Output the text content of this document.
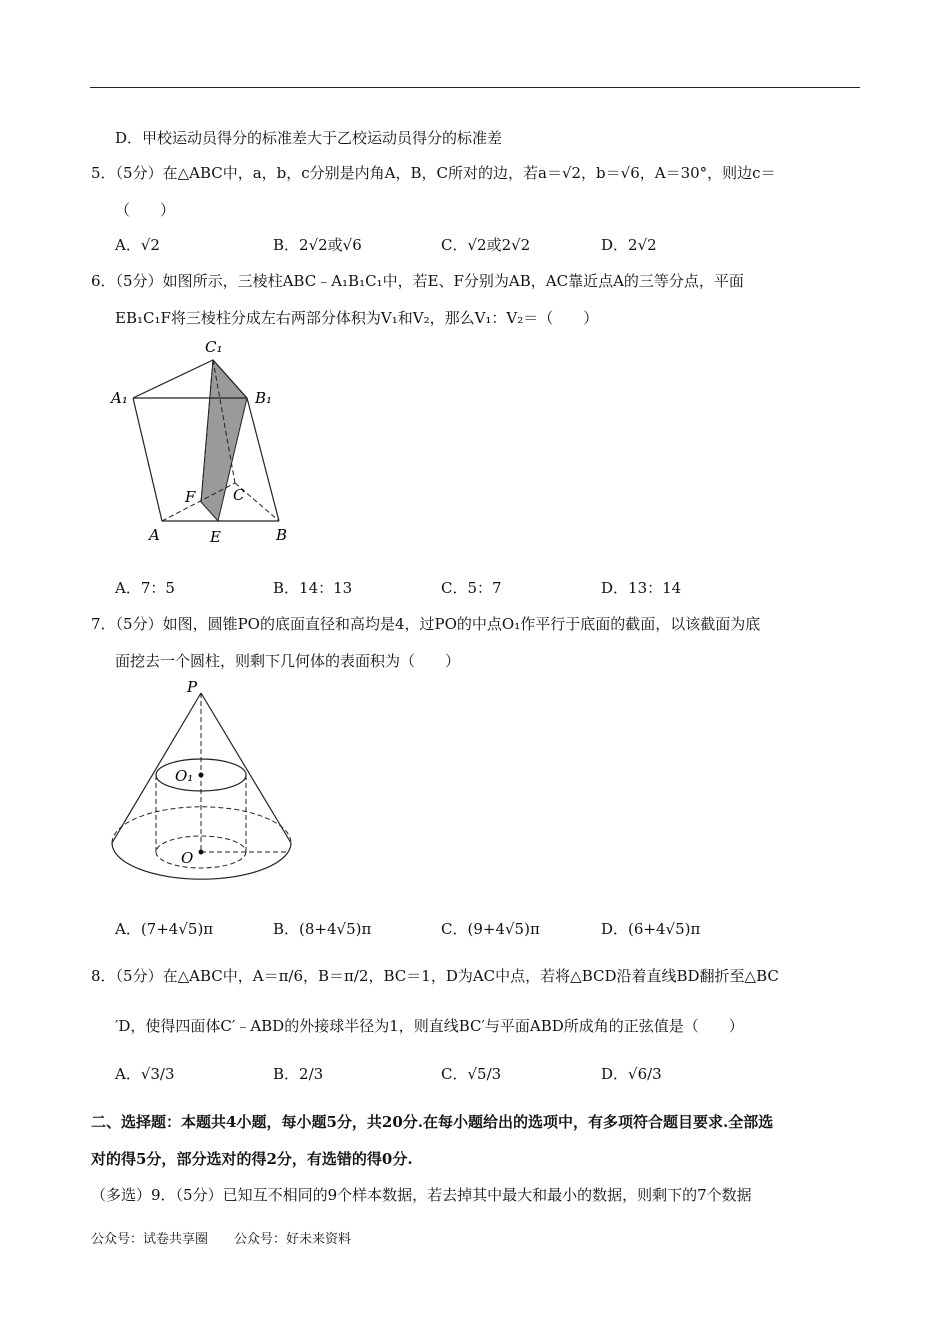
D．甲校运动员得分的标准差大于乙校运动员得分的标准差
5．（5分）在△ABC中，a，b，c分别是内角A，B，C所对的边，若a＝√2，b＝√6，A＝30°，则边c＝
（　　）
A．√2	B．2√2或√6	C．√2或2√2	D．2√2
6．（5分）如图所示，三棱柱ABC﹣A₁B₁C₁中，若E、F分别为AB，AC靠近点A的三等分点，平面
EB₁C₁F将三棱柱分成左右两部分体积为V₁和V₂，那么V₁：V₂＝（　　）
C₁
A₁	B₁
F	C
A	E	B
A．7：5	B．14：13	C．5：7	D．13：14
7．（5分）如图，圆锥PO的底面直径和高均是4，过PO的中点O₁作平行于底面的截面，以该截面为底
面挖去一个圆柱，则剩下几何体的表面积为（　　）
P
O₁
O
A．(7+4√5)π	B．(8+4√5)π	C．(9+4√5)π	D．(6+4√5)π
8．（5分）在△ABC中，A＝π/6，B＝π/2，BC＝1，D为AC中点，若将△BCD沿着直线BD翻折至△BC
′D，使得四面体C′﹣ABD的外接球半径为1，则直线BC′与平面ABD所成角的正弦值是（　　）
A．√3/3	B．2/3	C．√5/3	D．√6/3
二、选择题：本题共4小题，每小题5分，共20分.在每小题给出的选项中，有多项符合题目要求.全部选
对的得5分，部分选对的得2分，有选错的得0分.
（多选）9．（5分）已知互不相同的9个样本数据，若去掉其中最大和最小的数据，则剩下的7个数据
公众号：试卷共享圈　　公众号：好未来资料
